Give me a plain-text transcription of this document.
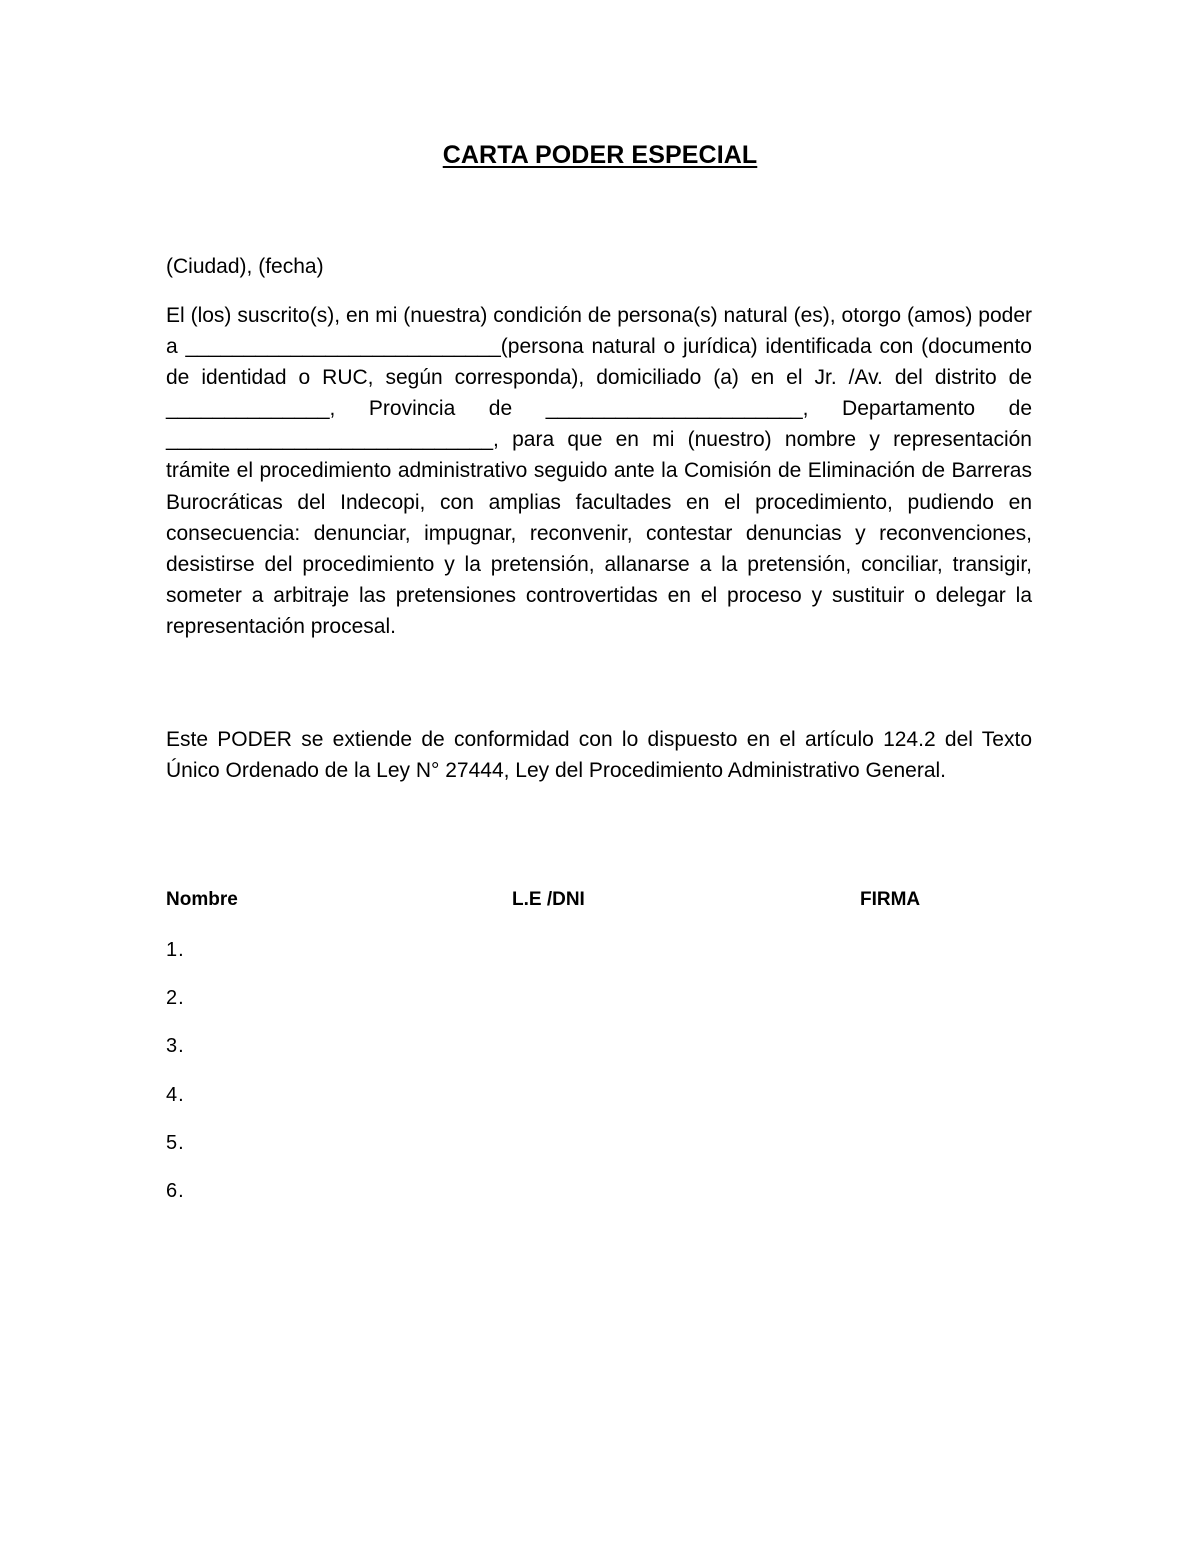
CARTA PODER ESPECIAL
(Ciudad), (fecha)

El (los) suscrito(s), en mi (nuestra) condición de persona(s) natural (es), otorgo (amos) poder a ___________________________(persona natural o jurídica) identificada con (documento de identidad o RUC, según corresponda), domiciliado (a) en el Jr. /Av. del distrito de ______________, Provincia de ______________________, Departamento de ____________________________, para que en mi (nuestro) nombre y representación trámite el procedimiento administrativo seguido ante la Comisión de Eliminación de Barreras Burocráticas del Indecopi, con amplias facultades en el procedimiento, pudiendo en consecuencia: denunciar, impugnar, reconvenir, contestar denuncias y reconvenciones, desistirse del procedimiento y la pretensión, allanarse a la pretensión, conciliar, transigir, someter a arbitraje las pretensiones controvertidas en el proceso y sustituir o delegar la representación procesal.

Este PODER se extiende de conformidad con lo dispuesto en el artículo 124.2 del Texto Único Ordenado de la Ley N° 27444, Ley del Procedimiento Administrativo General.

Nombre	L.E /DNI	FIRMA
1.
2.
3.
4.
5.
6.
